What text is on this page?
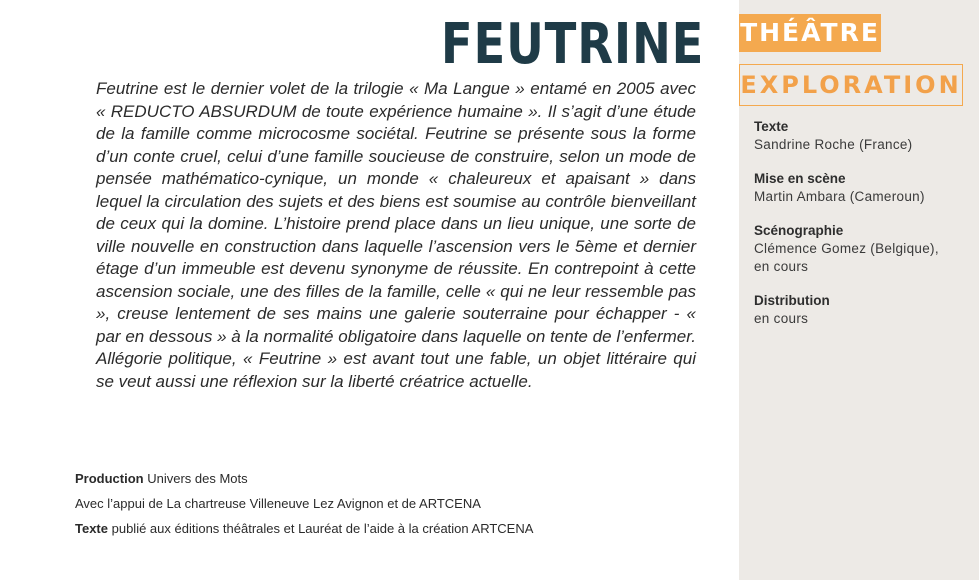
FEUTRINE

Feutrine est le dernier volet de la trilogie « Ma Langue » entamé en 2005 avec « REDUCTO ABSURDUM de toute expérience humaine ». Il s’agit d’une étude de la famille comme microcosme sociétal. Feutrine se présente sous la forme d’un conte cruel, celui d’une famille soucieuse de construire, selon un mode de pensée mathématico-cynique, un monde « chaleureux et apaisant » dans lequel la circulation des sujets et des biens est soumise au contrôle bienveillant de ceux qui la domine. L’histoire prend place dans un lieu unique, une sorte de ville nouvelle en construction dans laquelle l’ascension vers le 5ème et dernier étage d’un immeuble est devenu synonyme de réussite. En contrepoint à cette ascension sociale, une des filles de la famille, celle « qui ne leur ressemble pas », creuse lentement de ses mains une galerie souterraine pour échapper - « par en dessous » à la normalité obligatoire dans laquelle on tente de l’enfermer. Allégorie politique, « Feutrine » est avant tout une fable, un objet littéraire qui se veut aussi une réflexion sur la liberté créatrice actuelle.

Production Univers des Mots

Avec l’appui de La chartreuse Villeneuve Lez Avignon et de ARTCENA

Texte publié aux éditions théâtrales et Lauréat de l’aide à la création ARTCENA

THÉÂTRE
EXPLORATION
Texte
Sandrine Roche (France)
Mise en scène
Martin Ambara (Cameroun)
Scénographie
Clémence Gomez (Belgique),
en cours
Distribution
en cours
